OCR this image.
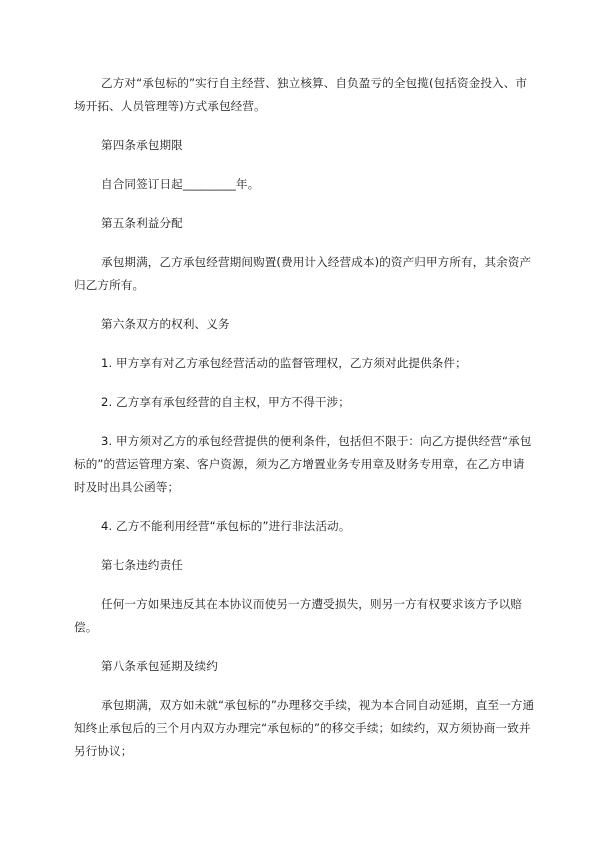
乙方对“承包标的”实行自主经营、独立核算、自负盈亏的全包揽(包括资金投入、市场开拓、人员管理等)方式承包经营。

第四条承包期限

自合同签订日起_________年。

第五条利益分配

承包期满，乙方承包经营期间购置(费用计入经营成本)的资产归甲方所有，其余资产归乙方所有。

第六条双方的权利、义务

1. 甲方享有对乙方承包经营活动的监督管理权，乙方须对此提供条件；

2. 乙方享有承包经营的自主权，甲方不得干涉；

3. 甲方须对乙方的承包经营提供的便利条件，包括但不限于：向乙方提供经营“承包标的”的营运管理方案、客户资源，须为乙方增置业务专用章及财务专用章，在乙方申请时及时出具公函等；

4. 乙方不能利用经营“承包标的”进行非法活动。

第七条违约责任

任何一方如果违反其在本协议而使另一方遭受损失，则另一方有权要求该方予以赔偿。

第八条承包延期及续约

承包期满，双方如未就“承包标的”办理移交手续，视为本合同自动延期，直至一方通知终止承包后的三个月内双方办理完“承包标的”的移交手续；如续约，双方须协商一致并另行协议；
